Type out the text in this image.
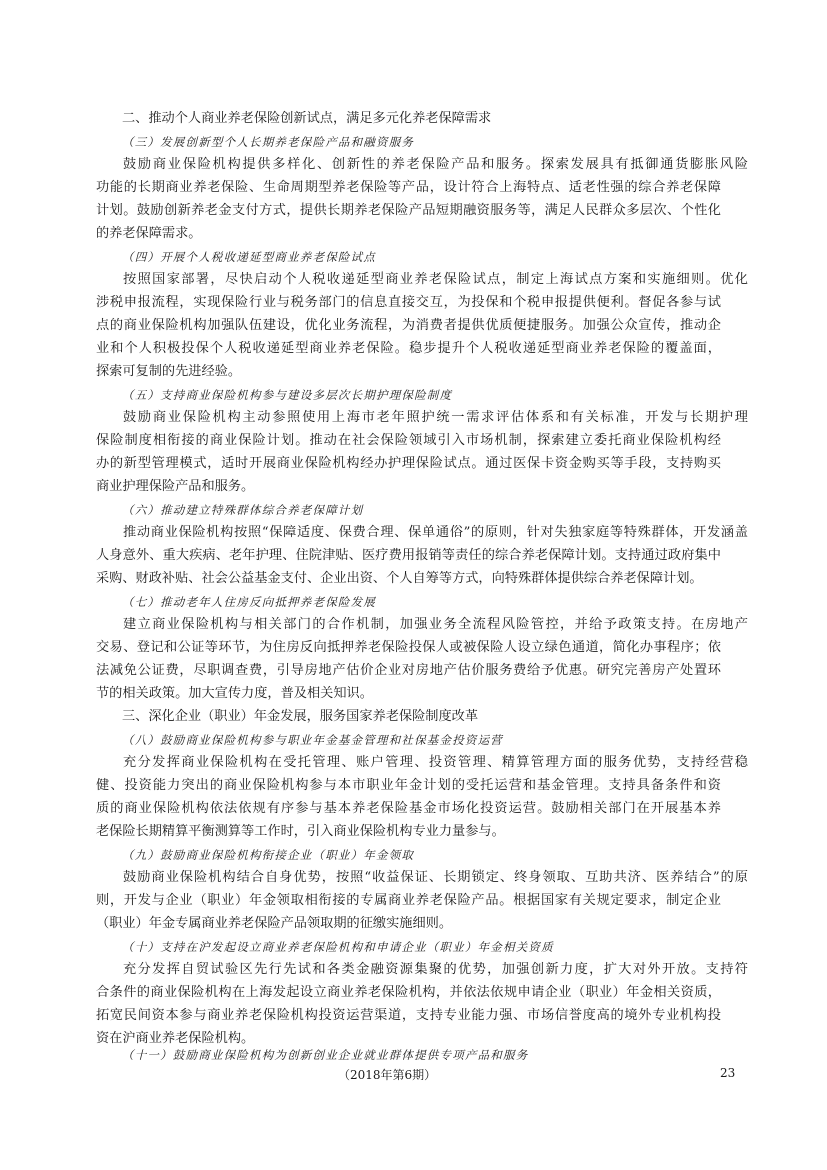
二、推动个人商业养老保险创新试点，满足多元化养老保障需求
（三）发展创新型个人长期养老保险产品和融资服务
鼓励商业保险机构提供多样化、创新性的养老保险产品和服务。探索发展具有抵御通货膨胀风险
功能的长期商业养老保险、生命周期型养老保险等产品，设计符合上海特点、适老性强的综合养老保障
计划。鼓励创新养老金支付方式，提供长期养老保险产品短期融资服务等，满足人民群众多层次、个性化
的养老保障需求。
（四）开展个人税收递延型商业养老保险试点
按照国家部署，尽快启动个人税收递延型商业养老保险试点，制定上海试点方案和实施细则。优化
涉税申报流程，实现保险行业与税务部门的信息直接交互，为投保和个税申报提供便利。督促各参与试
点的商业保险机构加强队伍建设，优化业务流程，为消费者提供优质便捷服务。加强公众宣传，推动企
业和个人积极投保个人税收递延型商业养老保险。稳步提升个人税收递延型商业养老保险的覆盖面，
探索可复制的先进经验。
（五）支持商业保险机构参与建设多层次长期护理保险制度
鼓励商业保险机构主动参照使用上海市老年照护统一需求评估体系和有关标准，开发与长期护理
保险制度相衔接的商业保险计划。推动在社会保险领域引入市场机制，探索建立委托商业保险机构经
办的新型管理模式，适时开展商业保险机构经办护理保险试点。通过医保卡资金购买等手段，支持购买
商业护理保险产品和服务。
（六）推动建立特殊群体综合养老保障计划
推动商业保险机构按照“保障适度、保费合理、保单通俗”的原则，针对失独家庭等特殊群体，开发涵盖
人身意外、重大疾病、老年护理、住院津贴、医疗费用报销等责任的综合养老保障计划。支持通过政府集中
采购、财政补贴、社会公益基金支付、企业出资、个人自筹等方式，向特殊群体提供综合养老保障计划。
（七）推动老年人住房反向抵押养老保险发展
建立商业保险机构与相关部门的合作机制，加强业务全流程风险管控，并给予政策支持。在房地产
交易、登记和公证等环节，为住房反向抵押养老保险投保人或被保险人设立绿色通道，简化办事程序；依
法减免公证费，尽职调查费，引导房地产估价企业对房地产估价服务费给予优惠。研究完善房产处置环
节的相关政策。加大宣传力度，普及相关知识。
三、深化企业（职业）年金发展，服务国家养老保险制度改革
（八）鼓励商业保险机构参与职业年金基金管理和社保基金投资运营
充分发挥商业保险机构在受托管理、账户管理、投资管理、精算管理方面的服务优势，支持经营稳
健、投资能力突出的商业保险机构参与本市职业年金计划的受托运营和基金管理。支持具备条件和资
质的商业保险机构依法依规有序参与基本养老保险基金市场化投资运营。鼓励相关部门在开展基本养
老保险长期精算平衡测算等工作时，引入商业保险机构专业力量参与。
（九）鼓励商业保险机构衔接企业（职业）年金领取
鼓励商业保险机构结合自身优势，按照“收益保证、长期锁定、终身领取、互助共济、医养结合”的原
则，开发与企业（职业）年金领取相衔接的专属商业养老保险产品。根据国家有关规定要求，制定企业
（职业）年金专属商业养老保险产品领取期的征缴实施细则。
（十）支持在沪发起设立商业养老保险机构和申请企业（职业）年金相关资质
充分发挥自贸试验区先行先试和各类金融资源集聚的优势，加强创新力度，扩大对外开放。支持符
合条件的商业保险机构在上海发起设立商业养老保险机构，并依法依规申请企业（职业）年金相关资质，
拓宽民间资本参与商业养老保险机构投资运营渠道，支持专业能力强、市场信誉度高的境外专业机构投
资在沪商业养老保险机构。
（十一）鼓励商业保险机构为创新创业企业就业群体提供专项产品和服务
（2018年第6期）	23
